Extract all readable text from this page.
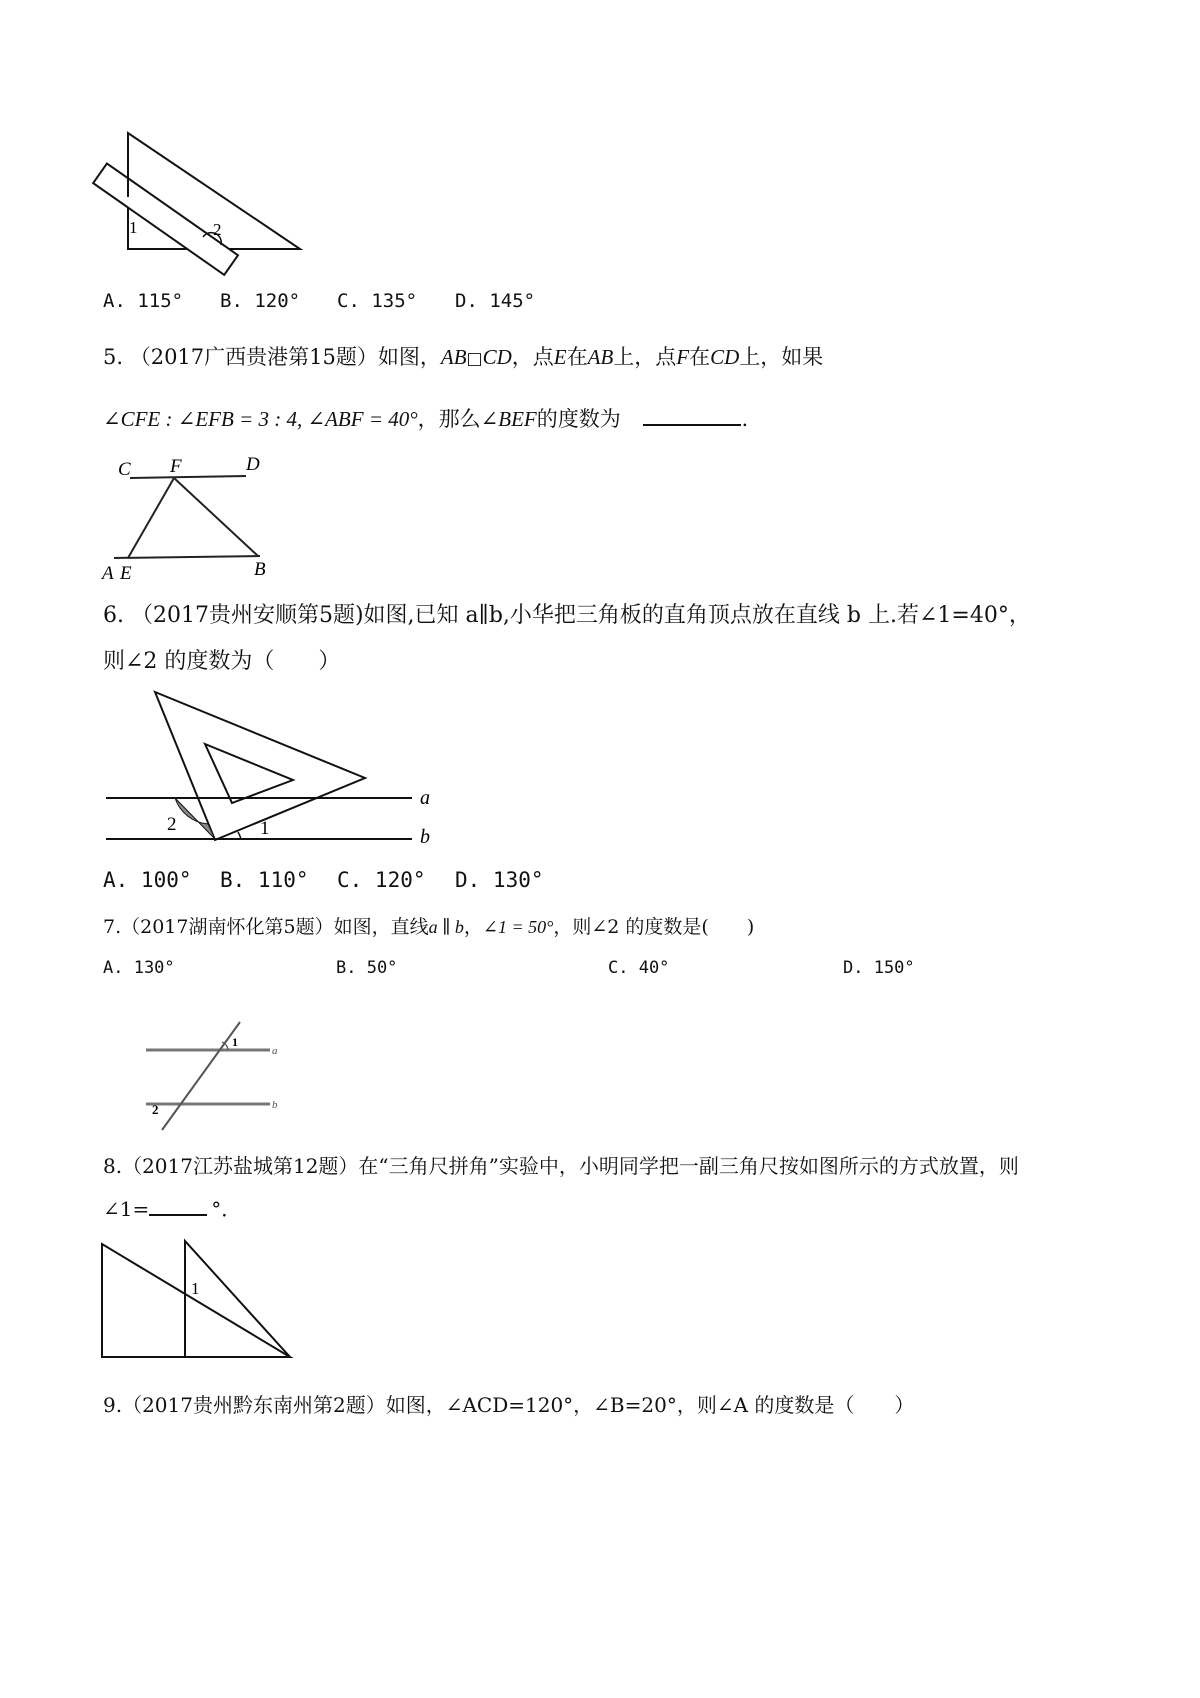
1	2
A. 115° B. 120° C. 135° D. 145°
5. （2017广西贵港第15题）如图，AB□CD，点E在AB上，点F在CD上，如果
∠CFE : ∠EFB = 3 : 4, ∠ABF = 40°，那么∠BEF的度数为	.
C F	D
A E	B
6. （2017贵州安顺第5题)如图,已知 a∥b,小华把三角板的直角顶点放在直线 b 上.若∠1=40°，
则∠2 的度数为（　　）
2	1
a
b
A. 100° B. 110° C. 120° D. 130°
7.（2017湖南怀化第5题）如图，直线a ∥ b，∠1 = 50°，则∠2 的度数是(　　)
A. 130°	B. 50°	C. 40°	D. 150°
1
2
a
b
8.（2017江苏盐城第12题）在“三角尺拼角”实验中，小明同学把一副三角尺按如图所示的方式放置，则
∠1=	°．
1
9.（2017贵州黔东南州第2题）如图，∠ACD=120°，∠B=20°，则∠A 的度数是（　　）
